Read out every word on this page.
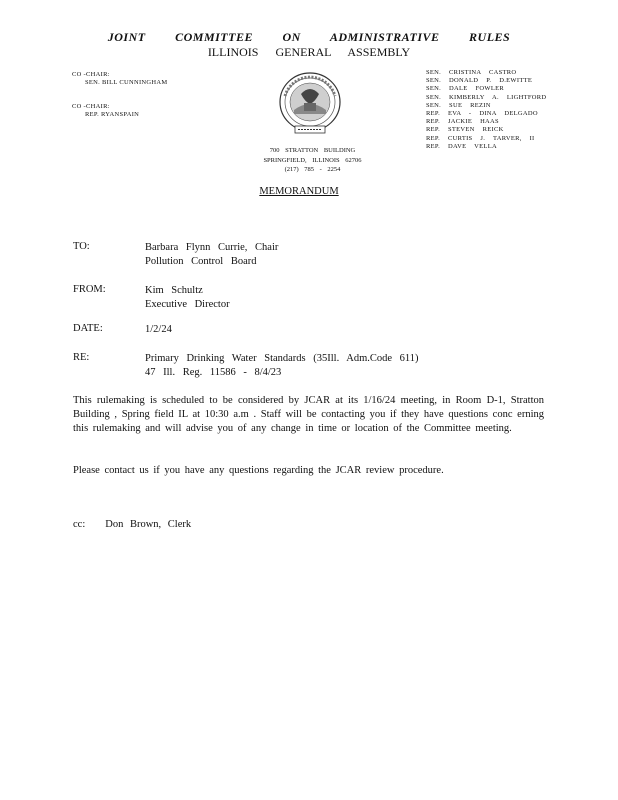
JOINT COMMITTEE ON ADMINISTRATIVE RULES
ILLINOIS GENERAL ASSEMBLY
CO -CHAIR:
SEN. BILL CUNNINGHAM
CO -CHAIR:
REP. RYANSPAIN
700 STRATTON BUILDING
SPRINGFIELD, ILLINOIS 62706
(217) 785 - 2254
SEN. CRISTINA CASTRO
SEN. DONALD P. D.EWITTE
SEN. DALE FOWLER
SEN. KIMBERLY A. LIGHTFORD
SEN. SUE REZIN
REP. EVA - DINA DELGADO
REP. JACKIE HAAS
REP. STEVEN REICK
REP. CURTIS J. TARVER, II
REP. DAVE VELLA
MEMORANDUM
TO:	Barbara Flynn Currie, Chair
Pollution Control Board
FROM:	Kim Schultz
Executive Director
DATE:	1/2/24
RE:	Primary Drinking Water Standards (35Ill. Adm.Code 611)
47 Ill. Reg. 11586 - 8/4/23
This rulemaking is scheduled to be considered by JCAR at its 1/16/24 meeting, in Room D-1, Stratton Building , Spring field IL at 10:30 a.m . Staff will be contacting you if they have questions conc erning this rulemaking and will advise you of any change in time or location of the Committee meeting.
Please contact us if you have any questions regarding the JCAR review procedure.
cc: Don Brown, Clerk
